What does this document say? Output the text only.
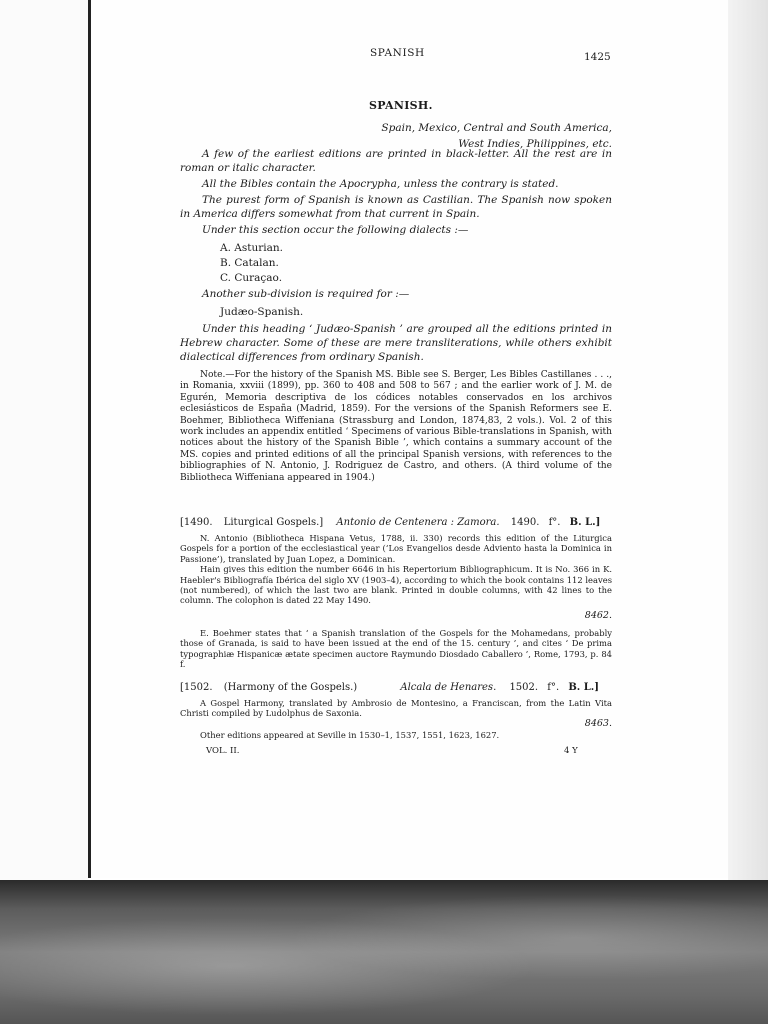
SPANISH	1425
SPANISH.
Spain, Mexico, Central and South America,
West Indies, Philippines, etc.

A few of the earliest editions are printed in black-letter. All the rest are in roman or italic character.

All the Bibles contain the Apocrypha, unless the contrary is stated.

The purest form of Spanish is known as Castilian. The Spanish now spoken in America differs somewhat from that current in Spain.

Under this section occur the following dialects :—

A. Asturian.
B. Catalan.
C. Curaçao.

Another sub-division is required for :—

Judæo-Spanish.

Under this heading ‘ Judæo-Spanish ’ are grouped all the editions printed in Hebrew character. Some of these are mere transliterations, while others exhibit dialectical differences from ordinary Spanish.

Note.—For the history of the Spanish MS. Bible see S. Berger, Les Bibles Castillanes . . ., in Romania, xxviii (1899), pp. 360 to 408 and 508 to 567 ; and the earlier work of J. M. de Egurén, Memoria descriptiva de los códices notables conservados en los archivos eclesiásticos de España (Madrid, 1859). For the versions of the Spanish Reformers see E. Boehmer, Bibliotheca Wiffeniana (Strassburg and London, 1874,83, 2 vols.). Vol. 2 of this work includes an appendix entitled ‘ Specimens of various Bible-translations in Spanish, with notices about the history of the Spanish Bible ’, which contains a summary account of the MS. copies and printed editions of all the principal Spanish versions, with references to the bibliographies of N. Antonio, J. Rodriguez de Castro, and others. (A third volume of the Bibliotheca Wiffeniana appeared in 1904.)

[1490. Liturgical Gospels.] Antonio de Centenera : Zamora. 1490. f°. B. L.]

N. Antonio (Bibliotheca Hispana Vetus, 1788, ii. 330) records this edition of the Liturgica Gospels for a portion of the ecclesiastical year (‘Los Evangelios desde Adviento hasta la Dominica in Passione’), translated by Juan Lopez, a Dominican.

Hain gives this edition the number 6646 in his Repertorium Bibliographicum. It is No. 366 in K. Haebler's Bibliografía Ibérica del siglo XV (1903–4), according to which the book contains 112 leaves (not numbered), of which the last two are blank. Printed in double columns, with 42 lines to the column. The colophon is dated 22 May 1490.

8462.

E. Boehmer states that ‘ a Spanish translation of the Gospels for the Mohamedans, probably those of Granada, is said to have been issued at the end of the 15. century ’, and cites ‘ De prima typographiæ Hispanicæ ætate specimen auctore Raymundo Diosdado Caballero ’, Rome, 1793, p. 84 f.

[1502. (Harmony of the Gospels.)	Alcala de Henares. 1502. f°. B. L.]

A Gospel Harmony, translated by Ambrosio de Montesino, a Franciscan, from the Latin Vita Christi compiled by Ludolphus de Saxonia.

8463.

Other editions appeared at Seville in 1530–1, 1537, 1551, 1623, 1627.

VOL. II.	4 Y
